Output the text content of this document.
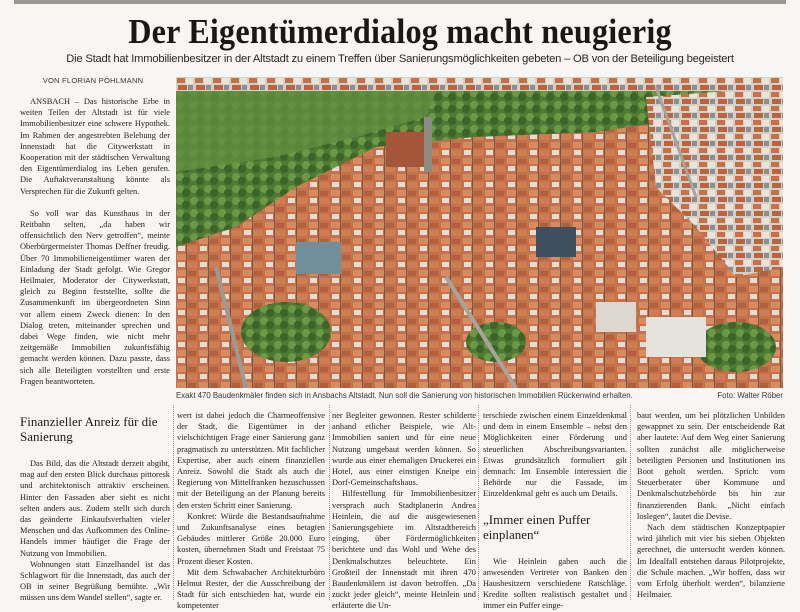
Der Eigentümerdialog macht neugierig
Die Stadt hat Immobilienbesitzer in der Altstadt zu einem Treffen über Sanierungsmöglichkeiten gebeten – OB von der Beteiligung begeistert
VON FLORIAN PÖHLMANN

ANSBACH – Das historische Erbe in weiten Teilen der Altstadt ist für viele Immobilienbesitzer eine schwere Hypothek. Im Rahmen der angestrebten Belebung der Innenstadt hat die Citywerkstatt in Kooperation mit der städtischen Verwaltung den Eigentümerdialog ins Leben gerufen. Die Auftaktveranstaltung könnte als Versprechen für die Zukunft gelten.

So voll war das Kunsthaus in der Reitbahn selten, „da haben wir offensichtlich den Nerv getroffen“, meinte Oberbürgermeister Thomas Deffner freudig. Über 70 Immobilieneigentümer waren der Einladung der Stadt gefolgt. Wie Gregor Heilmaier, Moderator der Citywerkstatt, gleich zu Beginn feststellte, sollte die Zusammenkunft im übergeordneten Sinn vor allem einem Zweck dienen: In den Dialog treten, miteinander sprechen und dabei Wege finden, wie nicht mehr zeitgemäße Immobilien zukunftsfähig gemacht werden können. Dazu passte, dass sich alle Beteiligten vorstellten und erste Fragen beantworteten.

Exakt 470 Baudenkmäler finden sich in Ansbachs Altstadt. Nun soll die Sanierung von historischen Immobilien Rückenwind erhalten.	Foto: Walter Röber
Finanzieller Anreiz für die Sanierung

Das Bild, das die Altstadt derzeit abgibt, mag auf den ersten Blick durchaus pittoresk und architektonisch attraktiv erscheinen. Hinter den Fassaden aber sieht es nicht selten anders aus. Zudem stellt sich durch das geänderte Einkaufsverhalten vieler Menschen und das Aufkommen des Online-Handels immer häufiger die Frage der Nutzung von Immobilien.

Wohnungen statt Einzelhandel ist das Schlagwort für die Innenstadt, das auch der OB in seiner Begrüßung bemühte. „Wir müssen uns dem Wandel stellen“, sagte er.

wert ist dabei jedoch die Charmeoffensive der Stadt, die Eigentümer in der vielschichtigen Frage einer Sanierung ganz pragmatisch zu unterstützen. Mit fachlicher Expertise, aber auch einem finanziellen Anreiz. Sowohl die Stadt als auch die Regierung von Mittelfranken bezuschussen mit der Beteiligung an der Planung bereits den ersten Schritt einer Sanierung.

Konkret: Würde die Bestandsaufnahme und Zukunftsanalyse eines betagten Gebäudes mittlerer Größe 20.000 Euro kosten, übernehmen Stadt und Freistaat 75 Prozent dieser Kosten.

Mit dem Schwabacher Architekturbüro Helmut Rester, der die Ausschreibung der Stadt für sich entschieden hat, wurde ein kompetenter

ner Begleiter gewonnen. Rester schilderte anhand etlicher Beispiele, wie Alt-Immobilien saniert und für eine neue Nutzung umgebaut werden können. So wurde aus einer ehemaligen Druckerei ein Hotel, aus einer einstigen Kneipe ein Dorf-Gemeinschaftshaus.

Hilfestellung für Immobilienbesitzer versprach auch Stadtplanerin Andrea Heinlein, die auf die ausgewiesenen Sanierungsgebiete im Altstadtbereich einging, über Fördermöglichkeiten berichtete und das Wohl und Wehe des Denkmalschutzes beleuchtete. Ein Großteil der Innenstadt mit ihren 470 Baudenkmälern ist davon betroffen. „Da zuckt jeder gleich“, meinte Heinlein und erläuterte die Un-

terschiede zwischen einem Einzeldenkmal und dem in einem Ensemble – nebst den Möglichkeiten einer Förderung und steuerlichen Abschreibungsvarianten. Etwas grundsätzlich formuliert gilt demnach: Im Ensemble interessiert die Behörde nur die Fassade, im Einzeldenkmal geht es auch um Details.

„Immer einen Puffer einplanen“

Wie Heinlein gaben auch die anwesenden Vertreter von Banken den Hausbesitzern verschiedene Ratschläge. Kredite sollten realistisch gestaltet und immer ein Puffer einge-

baut werden, um bei plötzlichen Unbilden gewappnet zu sein. Der entscheidende Rat aber lautete: Auf dem Weg einer Sanierung sollten zunächst alle möglicherweise beteiligten Personen und Institutionen ins Boot geholt werden. Sprich: vom Steuerberater über Kommune und Denkmalschutzbehörde bis hin zur finanzierenden Bank. „Nicht einfach loslegen“, lautet die Devise.

Nach dem städtischen Konzeptpapier wird jährlich mit vier bis sieben Objekten gerechnet, die untersucht werden können. Im Idealfall entstehen daraus Pilotprojekte, die Schule machen. „Wir hoffen, dass wir vom Erfolg überholt werden“, bilanzierte Heilmaier.
